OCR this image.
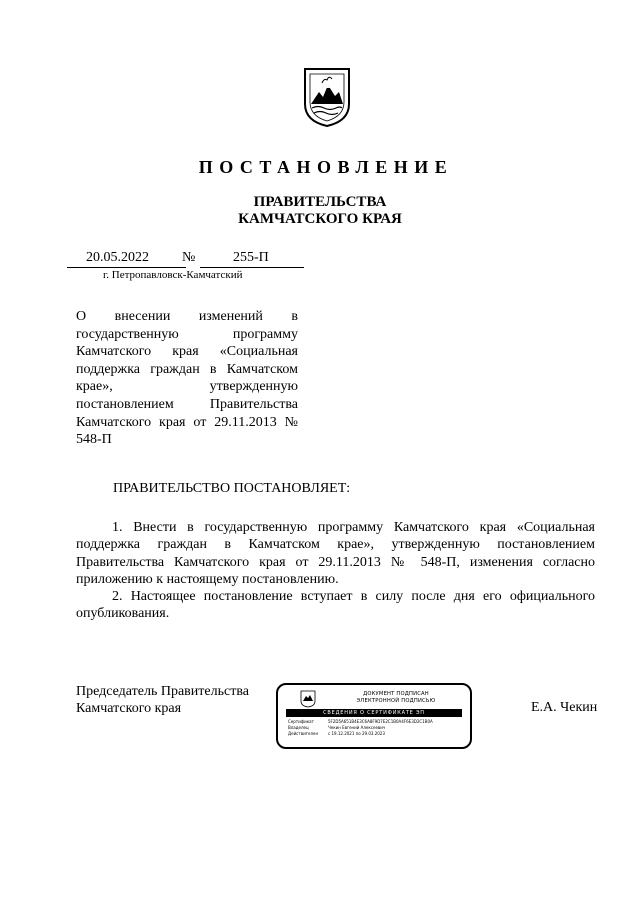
ПОСТАНОВЛЕНИЕ
ПРАВИТЕЛЬСТВА
КАМЧАТСКОГО КРАЯ
20.05.2022 №	255-П
г. Петропавловск-Камчатский
О внесении изменений в государственную программу Камчатского края «Социальная поддержка граждан в Камчатском крае», утвержденную постановлением Правительства Камчатского края от 29.11.2013 № 548-П
ПРАВИТЕЛЬСТВО ПОСТАНОВЛЯЕТ:

1. Внести в государственную программу Камчатского края «Социальная поддержка граждан в Камчатском крае», утвержденную постановлением Правительства Камчатского края от 29.11.2013 № 548-П, изменения согласно приложению к настоящему постановлению.

2. Настоящее постановление вступает в силу после дня его официального опубликования.

Председатель Правительства
Камчатского края
ДОКУМЕНТ ПОДПИСАН
ЭЛЕКТРОННОЙ ПОДПИСЬЮ
СВЕДЕНИЯ О СЕРТИФИКАТЕ ЭП
Сертификат	5F2D5A651B4E3C6A8F9D7E2C1B0A4F6E3D2C1B0A
Владелец	Чекин Евгений Алексеевич
Действителен с 19.12.2021 по 29.03.2023
Е.А. Чекин
